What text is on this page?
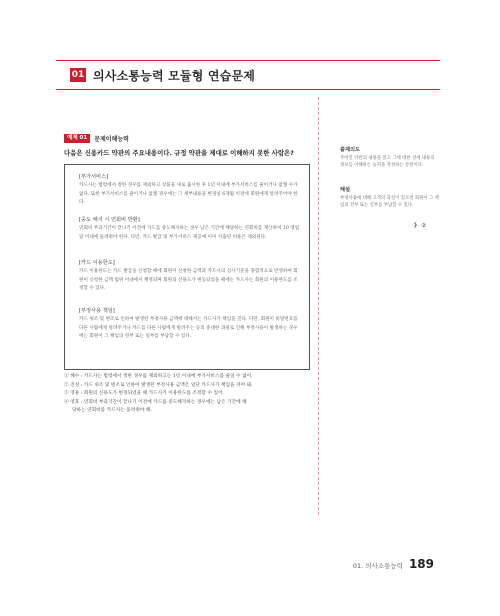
01 의사소통능력 모듈형 연습문제
예제 01	문제이해능력
다음은 신용카드 약관의 주요내용이다. 규정 약관을 제대로 이해하지 못한 사람은?
[부가서비스]
카드사는 법령에서 정한 경우를 제외하고 상품을 새로 출시한 후 1년 이내에 부가서비스를 줄이거나 없앨 수가 없다. 또한 부가서비스를 줄이거나 없앨 경우에는 그 세부내용을 변경일 6개월 이전에 회원에게 알려주어야 한다.
[중도 해지 시 연회비 반환]
연회비 부과기간이 끝나기 이전에 카드를 중도해지하는 경우 남은 기간에 해당하는 연회비를 계산하여 10 영업일 이내에 돌려줘야 한다. 다만, 카드 발급 및 부가서비스 제공에 이미 지출된 비용은 제외된다.
[카드 이용한도]
카드 이용한도는 카드 발급을 신청할 때에 회원이 신청한 금액과 카드사의 심사기준을 종합적으로 반영하여 회원이 신청한 금액 범위 이내에서 책정되며 회원의 신용도가 변동되었을 때에는 카드사는 회원의 이용한도를 조정할 수 있다.
[부정사용 책임]
카드 위조 및 변조로 인하여 발생된 부정사용 금액에 대해서는 카드사가 책임을 진다. 다만, 회원이 비밀번호를 다른 사람에게 알려주거나 카드를 다른 사람에게 빌려주는 등의 중대한 과실로 인해 부정사용이 발생하는 경우에는 회원이 그 책임의 전부 또는 일부를 부담할 수 있다.
① 혜수 : 카드사는 법령에서 정한 경우를 제외하고는 1년 이내에 부가서비스를 줄일 수 없어.
② 진성 : 카드 위조 및 변조로 인하여 발생된 부정사용 금액은 일단 카드사가 책임을 져야 돼.
③ 영훈 : 회원의 신용도가 변경되었을 때 카드사가 이용한도를 조정할 수 있어.
④ 영호 : 연회비 부과기간이 끝나기 이전에 카드를 중도해지하는 경우에는 남은 기간에 해
당하는 연회비를 카드사는 돌려줘야 해.
출제의도
주어진 약관의 내용을 읽고 그에 대한 상세 내용의 정보를 이해하는 능력을 측정하는 문항이다.
해설
부정사용에 대해 고객의 과실이 있으면 회원이 그 책임의 전부 또는 일부를 부담할 수 있다.
》 ②
01. 의사소통능력 189
